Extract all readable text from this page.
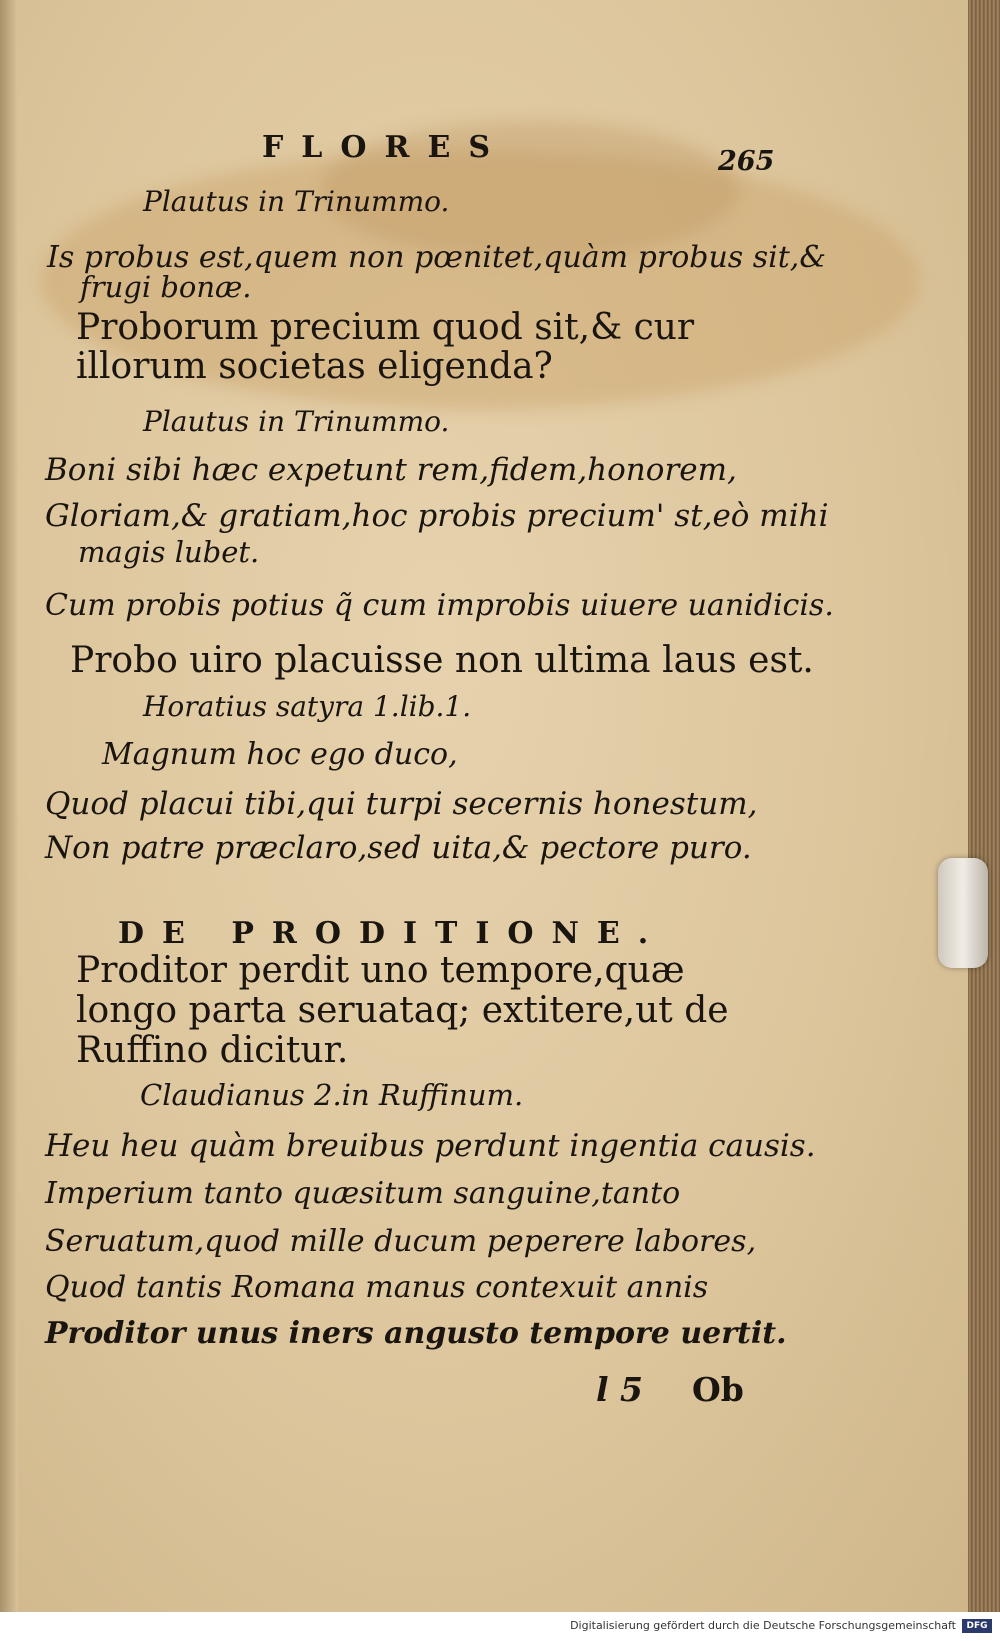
FLORES	265
Plautus in Trinummo.
Is probus est,quem non pœnitet,quàm probus sit,&
frugi bonæ.
Proborum precium quod sit,& cur
illorum societas eligenda?
Plautus in Trinummo.
Boni sibi hæc expetunt rem,fidem,honorem,
Gloriam,& gratiam,hoc probis precium' st,eò mihi
magis lubet.
Cum probis potius q̃ cum improbis uiuere uanidicis.
Probo uiro placuisse non ultima laus est.
Horatius satyra 1.lib.1.
Magnum hoc ego duco,
Quod placui tibi,qui turpi secernis honestum,
Non patre præclaro,sed uita,& pectore puro.
DE PRODITIONE.
Proditor perdit uno tempore,quæ
longo parta seruataq; extitere,ut de
Ruffino dicitur.
Claudianus 2.in Ruffinum.
Heu heu quàm breuibus perdunt ingentia causis.
Imperium tanto quæsitum sanguine,tanto
Seruatum,quod mille ducum peperere labores,
Quod tantis Romana manus contexuit annis
Proditor unus iners angusto tempore uertit.
l 5 Ob
Digitalisierung gefördert durch die Deutsche Forschungsgemeinschaft	DFG
